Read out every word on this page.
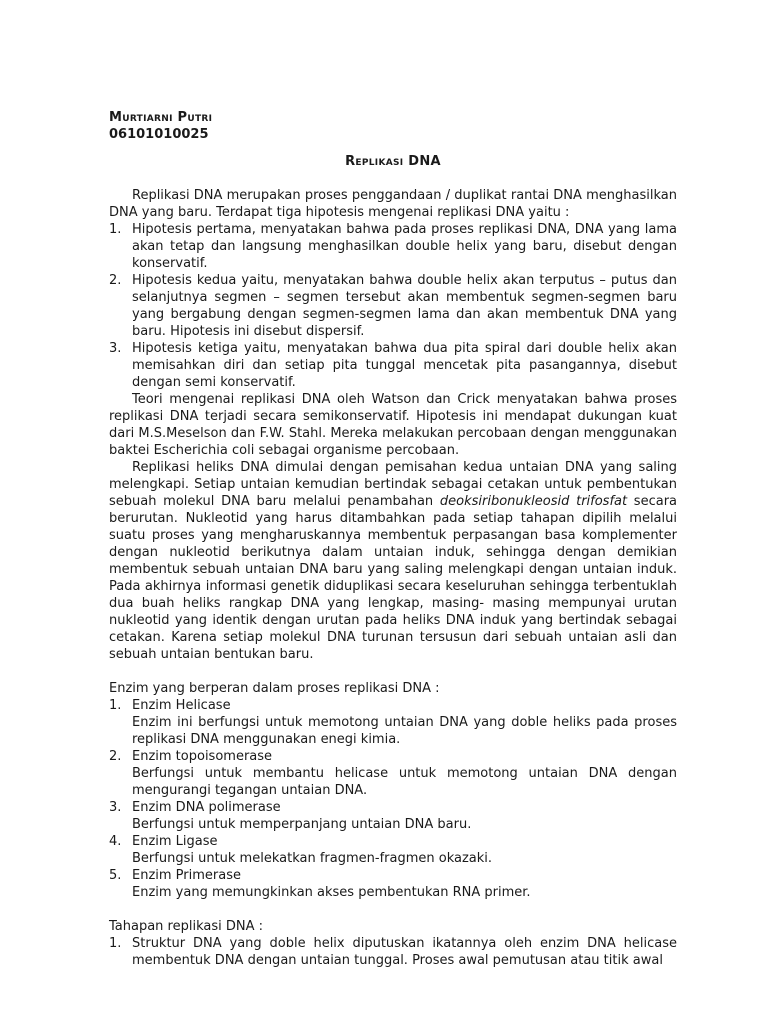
Murtiarni Putri
06101010025
Replikasi DNA

Replikasi DNA merupakan proses penggandaan / duplikat rantai DNA menghasilkan DNA yang baru. Terdapat tiga hipotesis mengenai replikasi DNA yaitu :

1. Hipotesis pertama, menyatakan bahwa pada proses replikasi DNA, DNA yang lama akan tetap dan langsung menghasilkan double helix yang baru, disebut dengan konservatif.
2. Hipotesis kedua yaitu, menyatakan bahwa double helix akan terputus – putus dan selanjutnya segmen – segmen tersebut akan membentuk segmen-segmen baru yang bergabung dengan segmen-segmen lama dan akan membentuk DNA yang baru. Hipotesis ini disebut dispersif.
3. Hipotesis ketiga yaitu, menyatakan bahwa dua pita spiral dari double helix akan memisahkan diri dan setiap pita tunggal mencetak pita pasangannya, disebut dengan semi konservatif.

Teori mengenai replikasi DNA oleh Watson dan Crick menyatakan bahwa proses replikasi DNA terjadi secara semikonservatif. Hipotesis ini mendapat dukungan kuat dari M.S.Meselson dan F.W. Stahl. Mereka melakukan percobaan dengan menggunakan baktei Escherichia coli sebagai organisme percobaan.

Replikasi heliks DNA dimulai dengan pemisahan kedua untaian DNA yang saling melengkapi. Setiap untaian kemudian bertindak sebagai cetakan untuk pembentukan sebuah molekul DNA baru melalui penambahan deoksiribonukleosid trifosfat secara berurutan. Nukleotid yang harus ditambahkan pada setiap tahapan dipilih melalui suatu proses yang mengharuskannya membentuk perpasangan basa komplementer dengan nukleotid berikutnya dalam untaian induk, sehingga dengan demikian membentuk sebuah untaian DNA baru yang saling melengkapi dengan untaian induk. Pada akhirnya informasi genetik diduplikasi secara keseluruhan sehingga terbentuklah dua buah heliks rangkap DNA yang lengkap, masing- masing mempunyai urutan nukleotid yang identik dengan urutan pada heliks DNA induk yang bertindak sebagai cetakan. Karena setiap molekul DNA turunan tersusun dari sebuah untaian asli dan sebuah untaian bentukan baru.

Enzim yang berperan dalam proses replikasi DNA :
1. Enzim Helicase
Enzim ini berfungsi untuk memotong untaian DNA yang doble heliks pada proses replikasi DNA menggunakan enegi kimia.
2. Enzim topoisomerase
Berfungsi untuk membantu helicase untuk memotong untaian DNA dengan mengurangi tegangan untaian DNA.
3. Enzim DNA polimerase
Berfungsi untuk memperpanjang untaian DNA baru.
4. Enzim Ligase
Berfungsi untuk melekatkan fragmen-fragmen okazaki.
5. Enzim Primerase
Enzim yang memungkinkan akses pembentukan RNA primer.
Tahapan replikasi DNA :
1. Struktur DNA yang doble helix diputuskan ikatannya oleh enzim DNA helicase membentuk DNA dengan untaian tunggal. Proses awal pemutusan atau titik awal
